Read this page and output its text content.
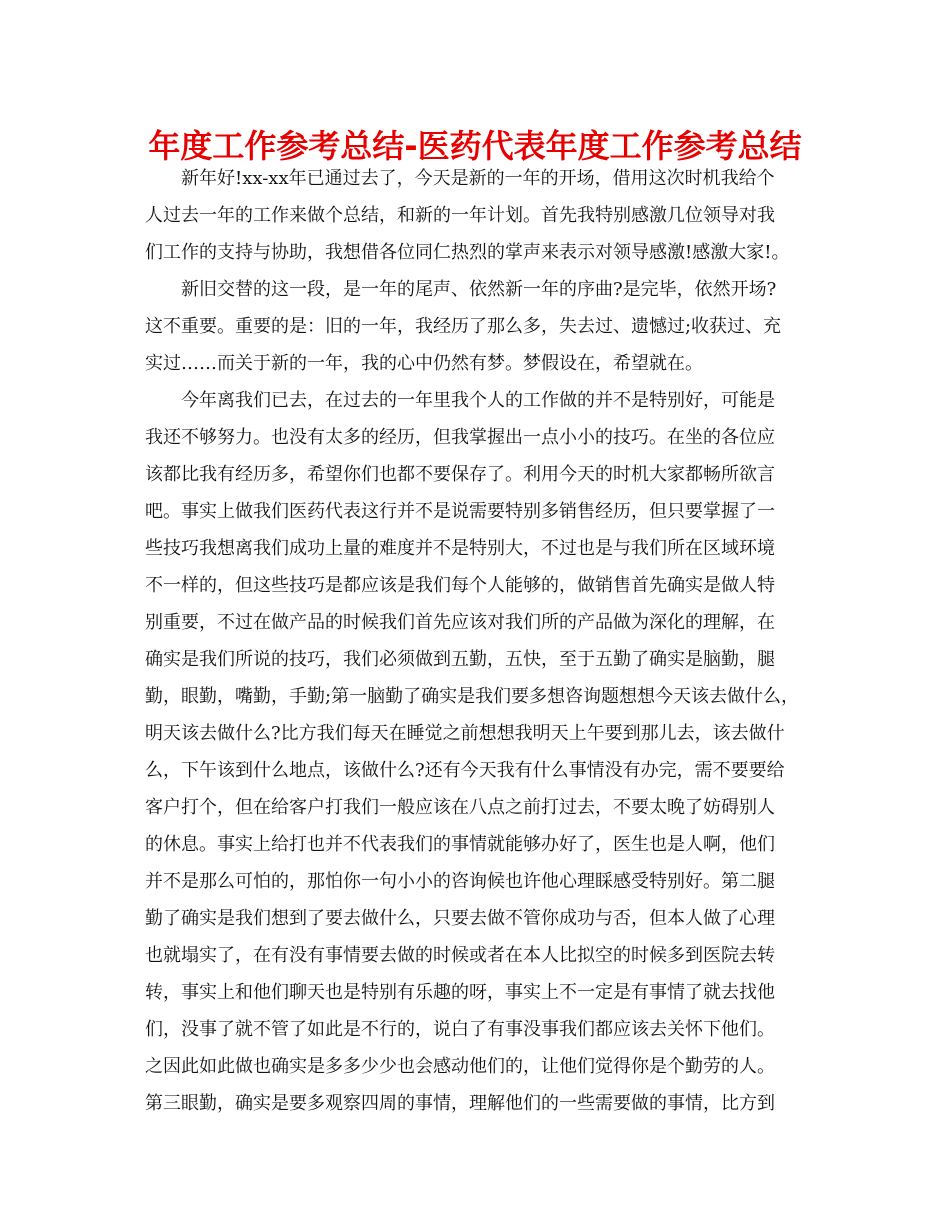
年度工作参考总结-医药代表年度工作参考总结
新年好!xx-xx年已通过去了，今天是新的一年的开场，借用这次时机我给个
人过去一年的工作来做个总结，和新的一年计划。首先我特别感激几位领导对我
们工作的支持与协助，我想借各位同仁热烈的掌声来表示对领导感激!感激大家!。
新旧交替的这一段，是一年的尾声、依然新一年的序曲?是完毕，依然开场?
这不重要。重要的是：旧的一年，我经历了那么多，失去过、遗憾过;收获过、充
实过……而关于新的一年，我的心中仍然有梦。梦假设在，希望就在。
今年离我们已去，在过去的一年里我个人的工作做的并不是特别好，可能是
我还不够努力。也没有太多的经历，但我掌握出一点小小的技巧。在坐的各位应
该都比我有经历多，希望你们也都不要保存了。利用今天的时机大家都畅所欲言
吧。事实上做我们医药代表这行并不是说需要特别多销售经历，但只要掌握了一
些技巧我想离我们成功上量的难度并不是特别大，不过也是与我们所在区域环境
不一样的，但这些技巧是都应该是我们每个人能够的，做销售首先确实是做人特
别重要，不过在做产品的时候我们首先应该对我们所的产品做为深化的理解，在
确实是我们所说的技巧，我们必须做到五勤，五快，至于五勤了确实是脑勤，腿
勤，眼勤，嘴勤，手勤;第一脑勤了确实是我们要多想咨询题想想今天该去做什么，
明天该去做什么?比方我们每天在睡觉之前想想我明天上午要到那儿去，该去做什
么，下午该到什么地点，该做什么?还有今天我有什么事情没有办完，需不要要给
客户打个，但在给客户打我们一般应该在八点之前打过去，不要太晚了妨碍别人
的休息。事实上给打也并不代表我们的事情就能够办好了，医生也是人啊，他们
并不是那么可怕的，那怕你一句小小的咨询候也许他心理睬感受特别好。第二腿
勤了确实是我们想到了要去做什么，只要去做不管你成功与否，但本人做了心理
也就塌实了，在有没有事情要去做的时候或者在本人比拟空的时候多到医院去转
转，事实上和他们聊天也是特别有乐趣的呀，事实上不一定是有事情了就去找他
们，没事了就不管了如此是不行的，说白了有事没事我们都应该去关怀下他们。
之因此如此做也确实是多多少少也会感动他们的，让他们觉得你是个勤劳的人。
第三眼勤，确实是要多观察四周的事情，理解他们的一些需要做的事情，比方到
